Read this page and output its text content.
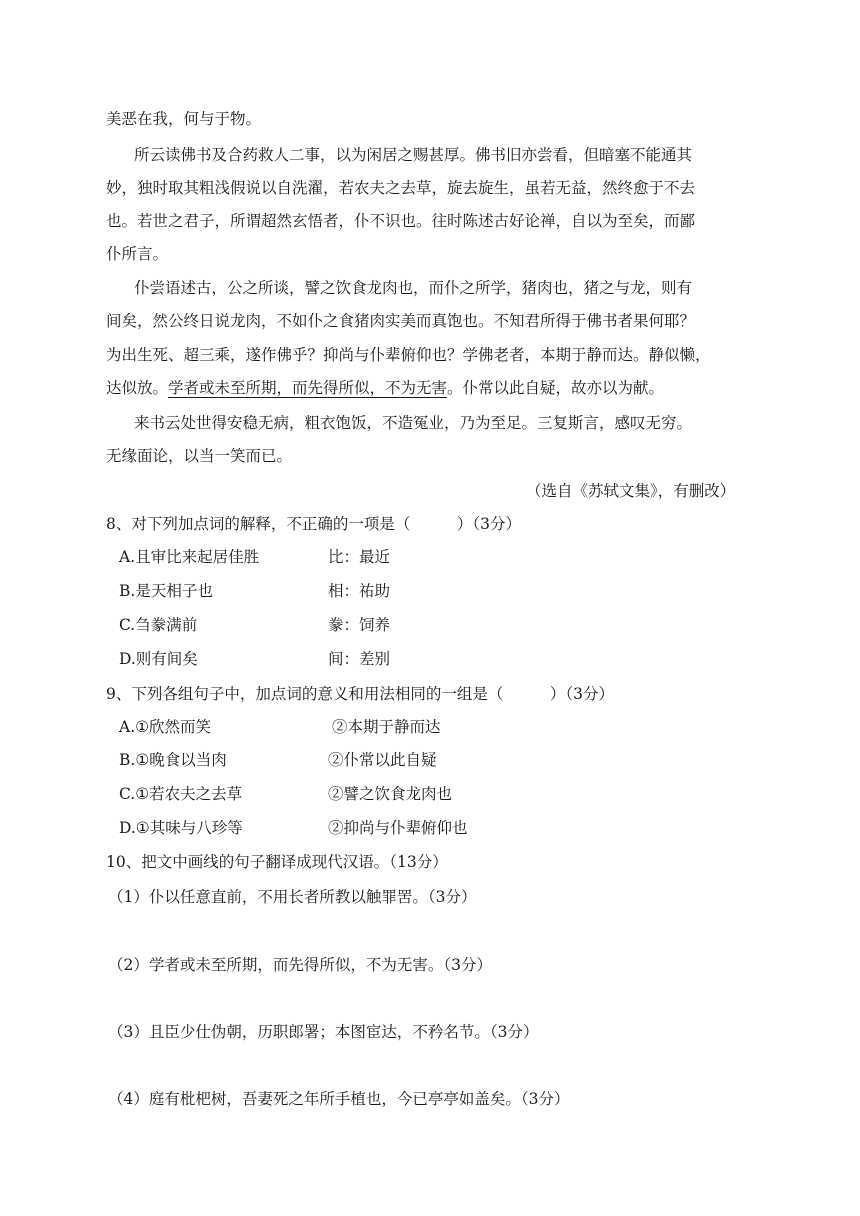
美恶在我，何与于物。
所云读佛书及合药救人二事，以为闲居之赐甚厚。佛书旧亦尝看，但暗塞不能通其
妙，独时取其粗浅假说以自洗濯，若农夫之去草，旋去旋生，虽若无益，然终愈于不去
也。若世之君子，所谓超然玄悟者，仆不识也。往时陈述古好论禅，自以为至矣，而鄙
仆所言。
仆尝语述古，公之所谈，譬之饮食龙肉也，而仆之所学，猪肉也，猪之与龙，则有
间矣，然公终日说龙肉，不如仆之食猪肉实美而真饱也。不知君所得于佛书者果何耶？
为出生死、超三乘，遂作佛乎？抑尚与仆辈俯仰也？学佛老者，本期于静而达。静似懒，
达似放。学者或未至所期，而先得所似，不为无害。仆常以此自疑，故亦以为献。
来书云处世得安稳无病，粗衣饱饭，不造冤业，乃为至足。三复斯言，感叹无穷。
无缘面论，以当一笑而已。
（选自《苏轼文集》，有删改）
8、对下列加点词的解释，不正确的一项是（　　　）（3分）
A.且审比来起居佳胜	比：最近
B.是天相子也	相：祐助
C.刍豢满前	豢：饲养
D.则有间矣	间：差别
9、下列各组句子中，加点词的意义和用法相同的一组是（　　　）（3分）
A.①欣然而笑	②本期于静而达
B.①晚食以当肉	②仆常以此自疑
C.①若农夫之去草	②譬之饮食龙肉也
D.①其味与八珍等	②抑尚与仆辈俯仰也
10、把文中画线的句子翻译成现代汉语。（13分）
（1）仆以任意直前，不用长者所教以触罪罟。（3分）
（2）学者或未至所期，而先得所似，不为无害。（3分）
（3）且臣少仕伪朝，历职郎署；本图宦达，不矜名节。（3分）
（4）庭有枇杷树，吾妻死之年所手植也，今已亭亭如盖矣。（3分）
